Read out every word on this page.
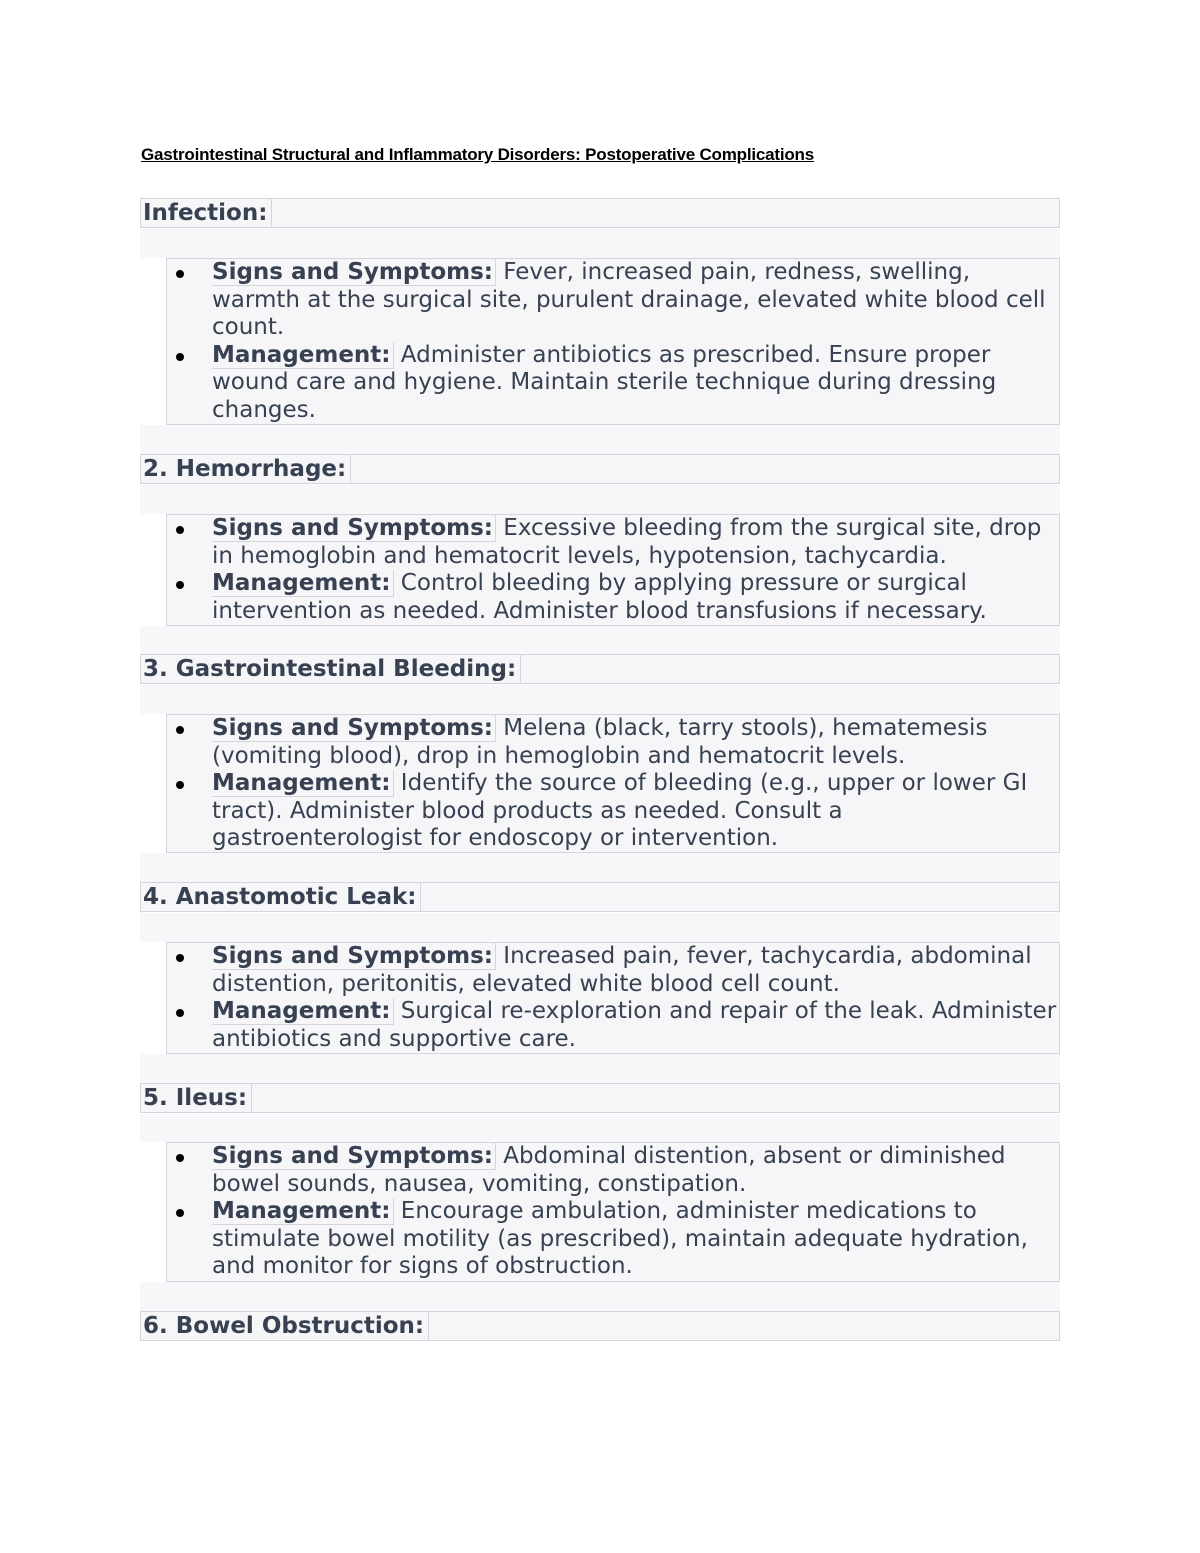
Gastrointestinal Structural and Inflammatory Disorders: Postoperative Complications
Infection:
Signs and Symptoms: Fever, increased pain, redness, swelling, warmth at the surgical site, purulent drainage, elevated white blood cell count.
Management: Administer antibiotics as prescribed. Ensure proper wound care and hygiene. Maintain sterile technique during dressing changes.
2. Hemorrhage:
Signs and Symptoms: Excessive bleeding from the surgical site, drop in hemoglobin and hematocrit levels, hypotension, tachycardia.
Management: Control bleeding by applying pressure or surgical intervention as needed. Administer blood transfusions if necessary.
3. Gastrointestinal Bleeding:
Signs and Symptoms: Melena (black, tarry stools), hematemesis (vomiting blood), drop in hemoglobin and hematocrit levels.
Management: Identify the source of bleeding (e.g., upper or lower GI tract). Administer blood products as needed. Consult a gastroenterologist for endoscopy or intervention.
4. Anastomotic Leak:
Signs and Symptoms: Increased pain, fever, tachycardia, abdominal distention, peritonitis, elevated white blood cell count.
Management: Surgical re-exploration and repair of the leak. Administer antibiotics and supportive care.
5. Ileus:
Signs and Symptoms: Abdominal distention, absent or diminished bowel sounds, nausea, vomiting, constipation.
Management: Encourage ambulation, administer medications to stimulate bowel motility (as prescribed), maintain adequate hydration, and monitor for signs of obstruction.
6. Bowel Obstruction:
